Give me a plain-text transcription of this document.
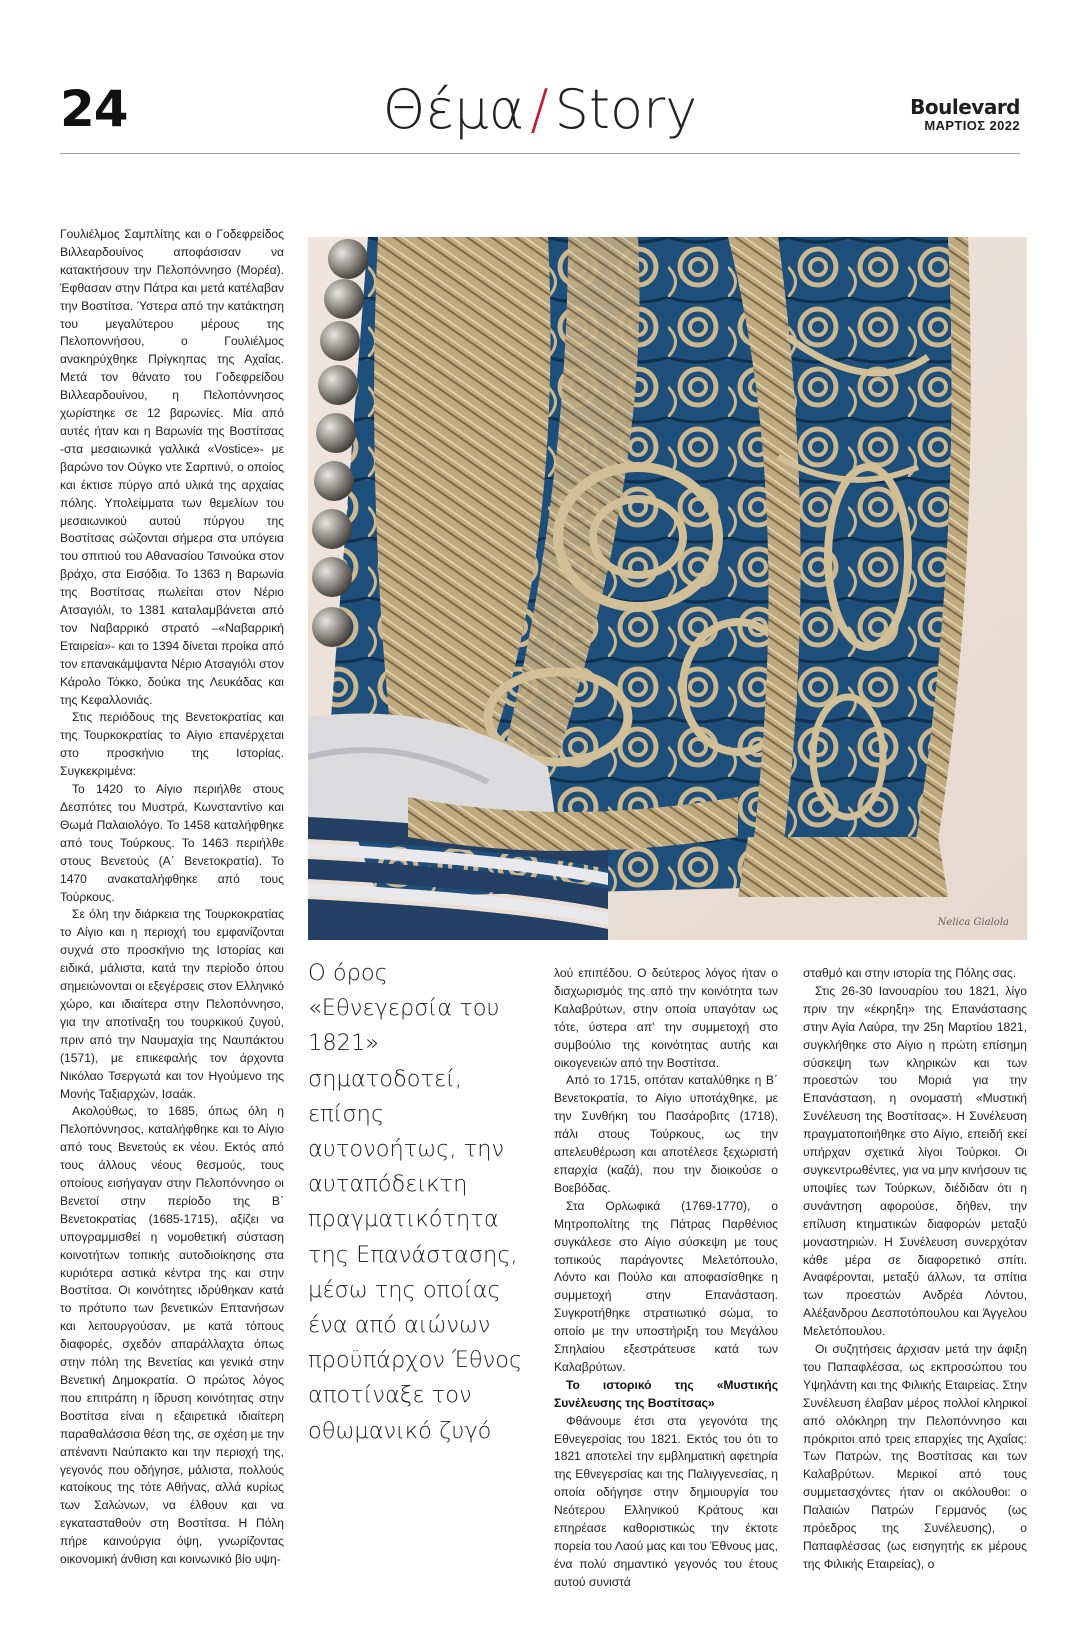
24	Θέμα / Story	Boulevard
ΜΑΡΤΙΟΣ 2022

Γουλιέλμος Σαμπλίτης και ο Γοδεφρείδος Βιλλεαρδουίνος αποφάσισαν να κατακτήσουν την Πελοπόννησο (Μορέα). Έφθασαν στην Πάτρα και μετά κατέλαβαν την Βοστίτσα. Ύστερα από την κατάκτηση του μεγαλύτερου μέρους της Πελοποννήσου, ο Γουλιέλμος ανακηρύχθηκε Πρίγκηπας της Αχαΐας. Μετά τον θάνατο του Γοδεφρείδου Βιλλεαρδουίνου, η Πελοπόννησος χωρίστηκε σε 12 βαρωνίες. Μία από αυτές ήταν και η Βαρωνία της Βοστίτσας -στα μεσαιωνικά γαλλικά «Vostice»- με βαρώνο τον Ούγκο ντε Σαρπινύ, ο οποίος και έκτισε πύργο από υλικά της αρχαίας πόλης. Υπολείμματα των θεμελίων του μεσαιωνικού αυτού πύργου της Βοστίτσας σώζονται σήμερα στα υπόγεια του σπιτιού του Αθανασίου Τσινούκα στον βράχο, στα Εισόδια. Το 1363 η Βαρωνία της Βοστίτσας πωλείται στον Νέριο Ατσαγιόλι, το 1381 καταλαμβάνεται από τον Ναβαρρικό στρατό –«Ναβαρρική Εταιρεία»- και το 1394 δίνεται προίκα από τον επανακάμψαντα Νέριο Ατσαγιόλι στον Κάρολο Τόκκο, δούκα της Λευκάδας και της Κεφαλλονιάς.

Στις περιόδους της Βενετοκρατίας και της Τουρκοκρατίας το Αίγιο επανέρχεται στο προσκήνιο της Ιστορίας. Συγκεκριμένα:

Το 1420 το Αίγιο περιήλθε στους Δεσπότες του Μυστρά, Κωνσταντίνο και Θωμά Παλαιολόγο. Το 1458 καταλήφθηκε από τους Τούρκους. Το 1463 περιήλθε στους Βενετούς (Α΄ Βενετοκρατία). Το 1470 ανακαταλήφθηκε από τους Τούρκους.

Σε όλη την διάρκεια της Τουρκοκρατίας το Αίγιο και η περιοχή του εμφανίζονται συχνά στο προσκήνιο της Ιστορίας και ειδικά, μάλιστα, κατά την περίοδο όπου σημειώνονται οι εξεγέρσεις στον Ελληνικό χώρο, και ιδιαίτερα στην Πελοπόννησο, για την αποτίναξη του τουρκικού ζυγού, πριν από την Ναυμαχία της Ναυπάκτου (1571), με επικεφαλής τον άρχοντα Νικόλαο Τσεργωτά και τον Ηγούμενο της Μονής Ταξιαρχών, Ισαάκ.

Ακολούθως, το 1685, όπως όλη η Πελοπόννησος, καταλήφθηκε και το Αίγιο από τους Βενετούς εκ νέου. Εκτός από τους άλλους νέους θεσμούς, τους οποίους εισήγαγαν στην Πελοπόννησο οι Βενετοί στην περίοδο της Β΄ Βενετοκρατίας (1685-1715), αξίζει να υπογραμμισθεί η νομοθετική σύσταση κοινοτήτων τοπικής αυτοδιοίκησης στα κυριότερα αστικά κέντρα της και στην Βοστίτσα. Οι κοινότητες ιδρύθηκαν κατά το πρότυπο των βενετικών Επτανήσων και λειτουργούσαν, με κατά τόπους διαφορές, σχεδόν απαράλλαχτα όπως στην πόλη της Βενετίας και γενικά στην Βενετική Δημοκρατία. Ο πρώτος λόγος που επιτράπη η ίδρυση κοινότητας στην Βοστίτσα είναι η εξαιρετικά ιδιαίτερη παραθαλάσσια θέση της, σε σχέση με την απέναντι Ναύπακτο και την περιοχή της, γεγονός που οδήγησε, μάλιστα, πολλούς κατοίκους της τότε Αθήνας, αλλά κυρίως των Σαλώνων, να έλθουν και να εγκατασταθούν στη Βοστίτσα. Η Πόλη πήρε καινούργια όψη, γνωρίζοντας οικονομική άνθιση και κοινωνικό βίο υψη-

Nelica Gialola
Ο όρος «Εθνεγερσία του 1821» σηματοδοτεί, επίσης αυτονοήτως, την αυταπόδεικτη πραγματικότητα της Επανάστασης, μέσω της οποίας ένα από αιώνων προϋπάρχον Έθνος αποτίναξε τον οθωμανικό ζυγό

λού επιπέδου. Ο δεύτερος λόγος ήταν ο διαχωρισμός της από την κοινότητα των Καλαβρύτων, στην οποία υπαγόταν ως τότε, ύστερα απ' την συμμετοχή στο συμβούλιο της κοινότητας αυτής και οικογενειών από την Βοστίτσα.

Από το 1715, οπόταν καταλύθηκε η Β΄ Βενετοκρατία, το Αίγιο υποτάχθηκε, με την Συνθήκη του Πασάροβιτς (1718), πάλι στους Τούρκους, ως την απελευθέρωση και αποτέλεσε ξεχωριστή επαρχία (καζά), που την διοικούσε ο Βοεβόδας.

Στα Ορλωφικά (1769-1770), ο Μητροπολίτης της Πάτρας Παρθένιος συγκάλεσε στο Αίγιο σύσκεψη με τους τοπικούς παράγοντες Μελετόπουλο, Λόντο και Πούλο και αποφασίσθηκε η συμμετοχή στην Επανάσταση. Συγκροτήθηκε στρατιωτικό σώμα, το οποίο με την υποστήριξη του Μεγάλου Σπηλαίου εξεστράτευσε κατά των Καλαβρύτων.

Το ιστορικό της «Μυστικής Συνέλευσης της Βοστίτσας»

Φθάνουμε έτσι στα γεγονότα της Εθνεγερσίας του 1821. Εκτός του ότι το 1821 αποτελεί την εμβληματική αφετηρία της Εθνεγερσίας και της Παλιγγενεσίας, η οποία οδήγησε στην δημιουργία του Νεότερου Ελληνικού Κράτους και επηρέασε καθοριστικώς την έκτοτε πορεία του Λαού μας και του Έθνους μας, ένα πολύ σημαντικό γεγονός του έτους αυτού συνιστά

σταθμό και στην ιστορία της Πόλης σας.

Στις 26-30 Ιανουαρίου του 1821, λίγο πριν την «έκρηξη» της Επανάστασης στην Αγία Λαύρα, την 25η Μαρτίου 1821, συγκλήθηκε στο Αίγιο η πρώτη επίσημη σύσκεψη των κληρικών και των προεστών του Μοριά για την Επανάσταση, η ονομαστή «Μυστική Συνέλευση της Βοστίτσας». Η Συνέλευση πραγματοποιήθηκε στο Αίγιο, επειδή εκεί υπήρχαν σχετικά λίγοι Τούρκοι. Οι συγκεντρωθέντες, για να μην κινήσουν τις υποψίες των Τούρκων, διέδιδαν ότι η συνάντηση αφορούσε, δήθεν, την επίλυση κτηματικών διαφορών μεταξύ μοναστηριών. Η Συνέλευση συνερχόταν κάθε μέρα σε διαφορετικό σπίτι. Αναφέρονται, μεταξύ άλλων, τα σπίτια των προεστών Ανδρέα Λόντου, Αλέξανδρου Δεσποτόπουλου και Άγγελου Μελετόπουλου.

Οι συζητήσεις άρχισαν μετά την άφιξη του Παπαφλέσσα, ως εκπροσώπου του Υψηλάντη και της Φιλικής Εταιρείας. Στην Συνέλευση έλαβαν μέρος πολλοί κληρικοί από ολόκληρη την Πελοπόννησο και πρόκριτοι από τρεις επαρχίες της Αχαΐας: Των Πατρών, της Βοστίτσας και των Καλαβρύτων. Μερικοί από τους συμμετασχόντες ήταν οι ακόλουθοι: ο Παλαιών Πατρών Γερμανός (ως πρόεδρος της Συνέλευσης), ο Παπαφλέσσας (ως εισηγητής εκ μέρους της Φιλικής Εταιρείας), ο
